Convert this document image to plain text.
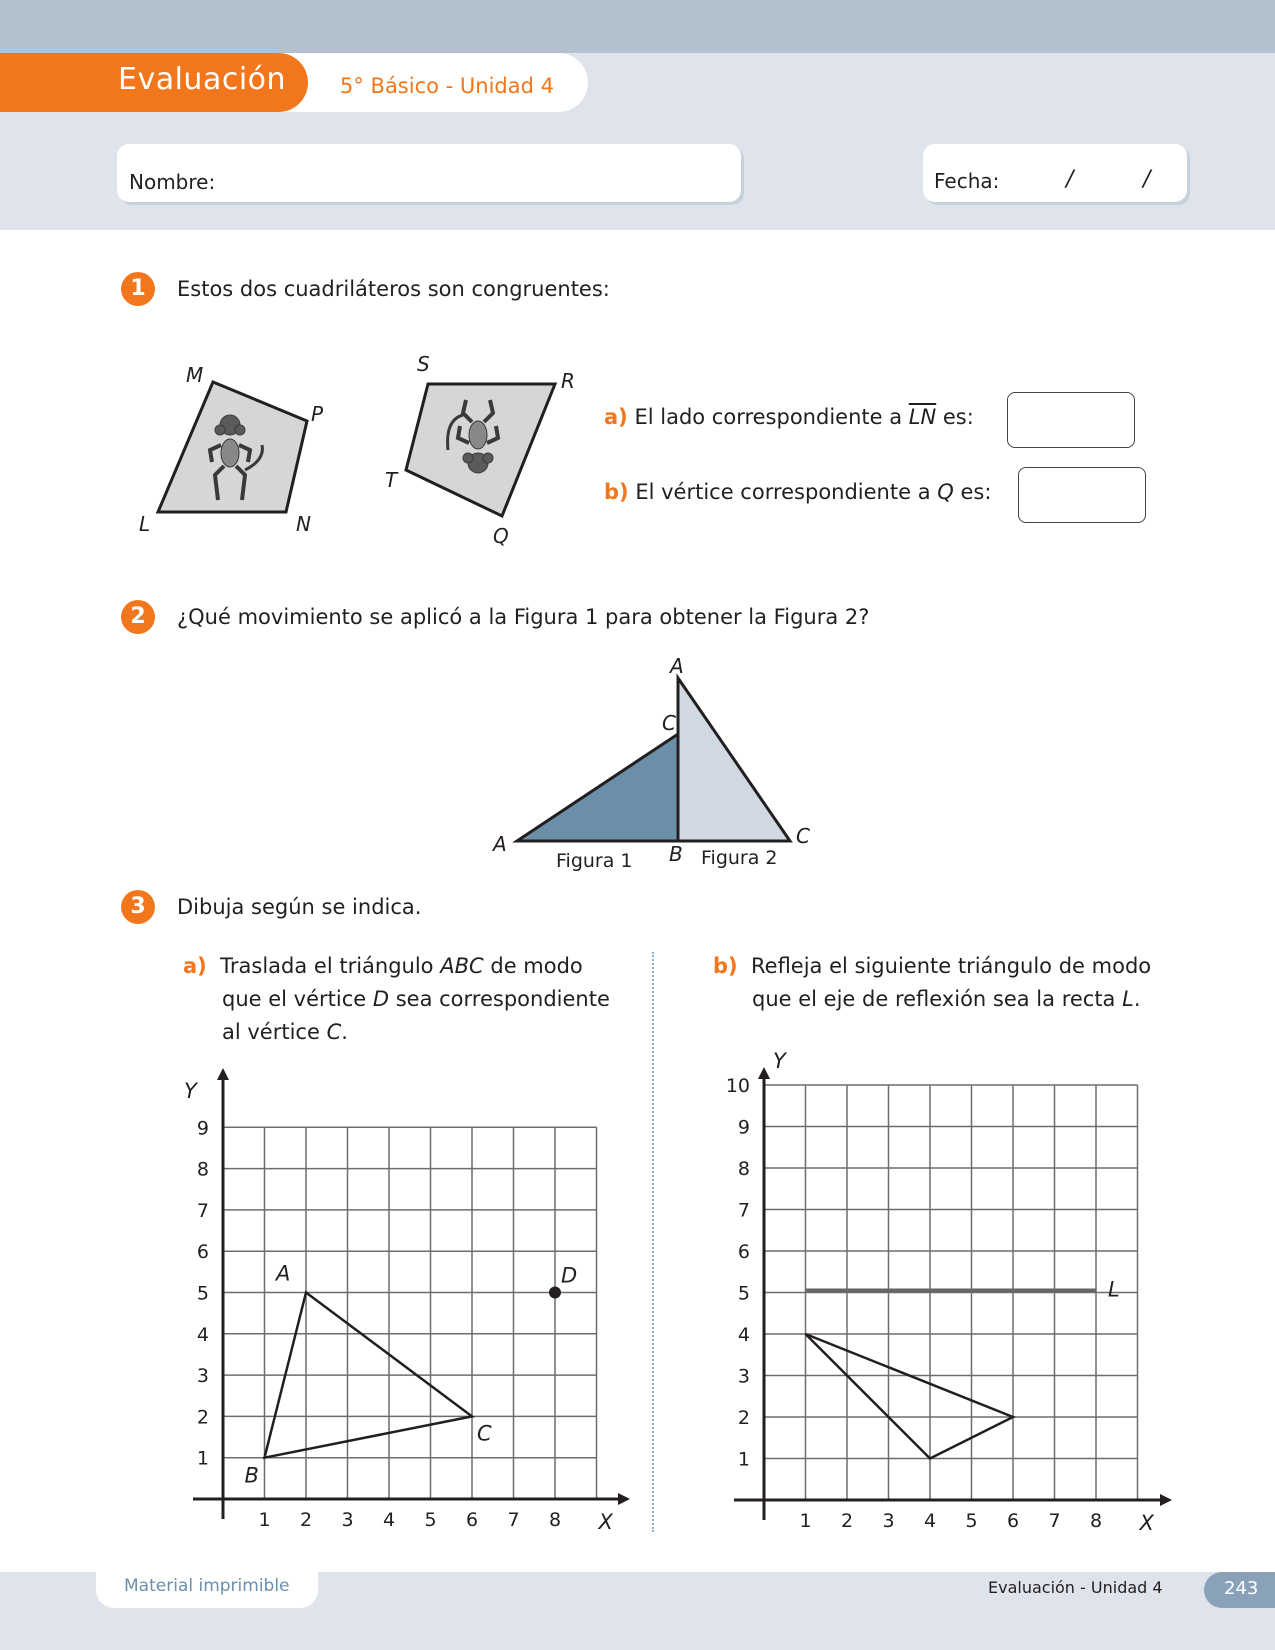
Evaluación	5° Básico - Unidad 4
Nombre:	Fecha:	/	/
1	Estos dos cuadriláteros son congruentes:
M
P
L	N
S
R
T
Q
a) El lado correspondiente a $\overline{LN}$ es:
b) El vértice correspondiente a Q es:
2	¿Qué movimiento se aplicó a la Figura 1 para obtener la Figura 2?
A
C
A	B
C
Figura 1	Figura 2
3	Dibuja según se indica.
a) Traslada el triángulo ABC de modo
que el vértice D sea correspondiente
al vértice C.
b) Refleja el siguiente triángulo de modo
que el eje de reflexión sea la recta L.
1 2 3 4 5 6 7 8
1
2
3
4
5
6
7
8
9
X
Y
A
B
C
D
1 2 3 4 5 6 7 8
1
2
3
4
5
6
7
8
9
10
X
Y
L
Material imprimible	Evaluación - Unidad 4	243
